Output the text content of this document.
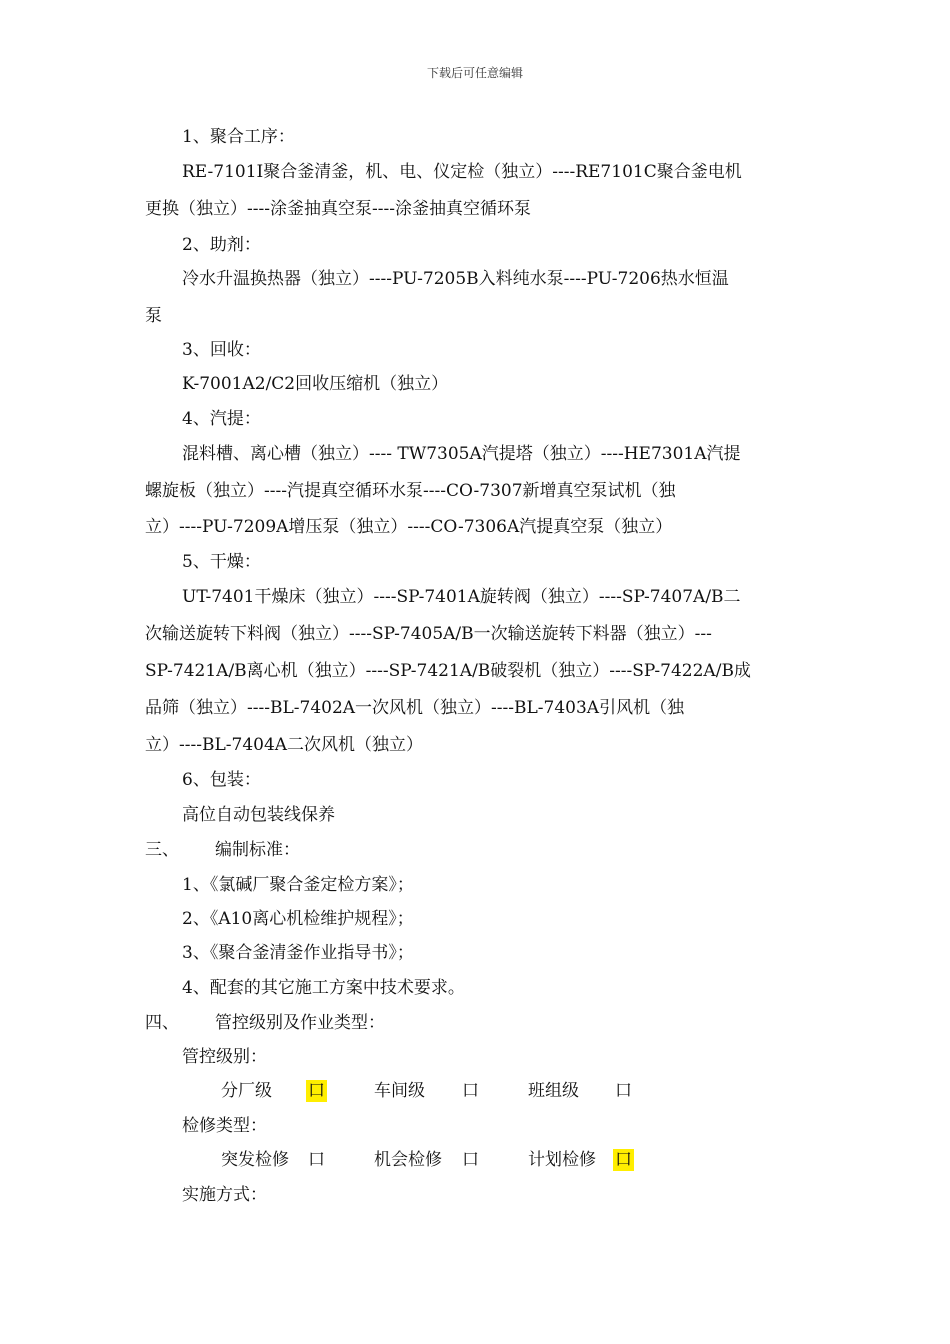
下载后可任意编辑
1、聚合工序：
RE-7101I聚合釜清釜，机、电、仪定检（独立）----RE7101C聚合釜电机
更换（独立）----涂釜抽真空泵----涂釜抽真空循环泵
2、助剂：
冷水升温换热器（独立）----PU-7205B入料纯水泵----PU-7206热水恒温
泵
3、回收：
K-7001A2/C2回收压缩机（独立）
4、汽提：
混料槽、离心槽（独立）---- TW7305A汽提塔（独立）----HE7301A汽提
螺旋板（独立）----汽提真空循环水泵----CO-7307新增真空泵试机（独
立）----PU-7209A增压泵（独立）----CO-7306A汽提真空泵（独立）
5、干燥：
UT-7401干燥床（独立）----SP-7401A旋转阀（独立）----SP-7407A/B二
次输送旋转下料阀（独立）----SP-7405A/B一次输送旋转下料器（独立）---
SP-7421A/B离心机（独立）----SP-7421A/B破裂机（独立）----SP-7422A/B成
品筛（独立）----BL-7402A一次风机（独立）----BL-7403A引风机（独
立）----BL-7404A二次风机（独立）
6、包装：
高位自动包装线保养
三、 编制标准：
1、《氯碱厂聚合釜定检方案》；
2、《A10离心机检维护规程》；
3、《聚合釜清釜作业指导书》；
4、配套的其它施工方案中技术要求。
四、 管控级别及作业类型：
管控级别：
分厂级 口	车间级 口	班组级 口
检修类型：
突发检修 口	机会检修 口	计划检修 口
实施方式：
